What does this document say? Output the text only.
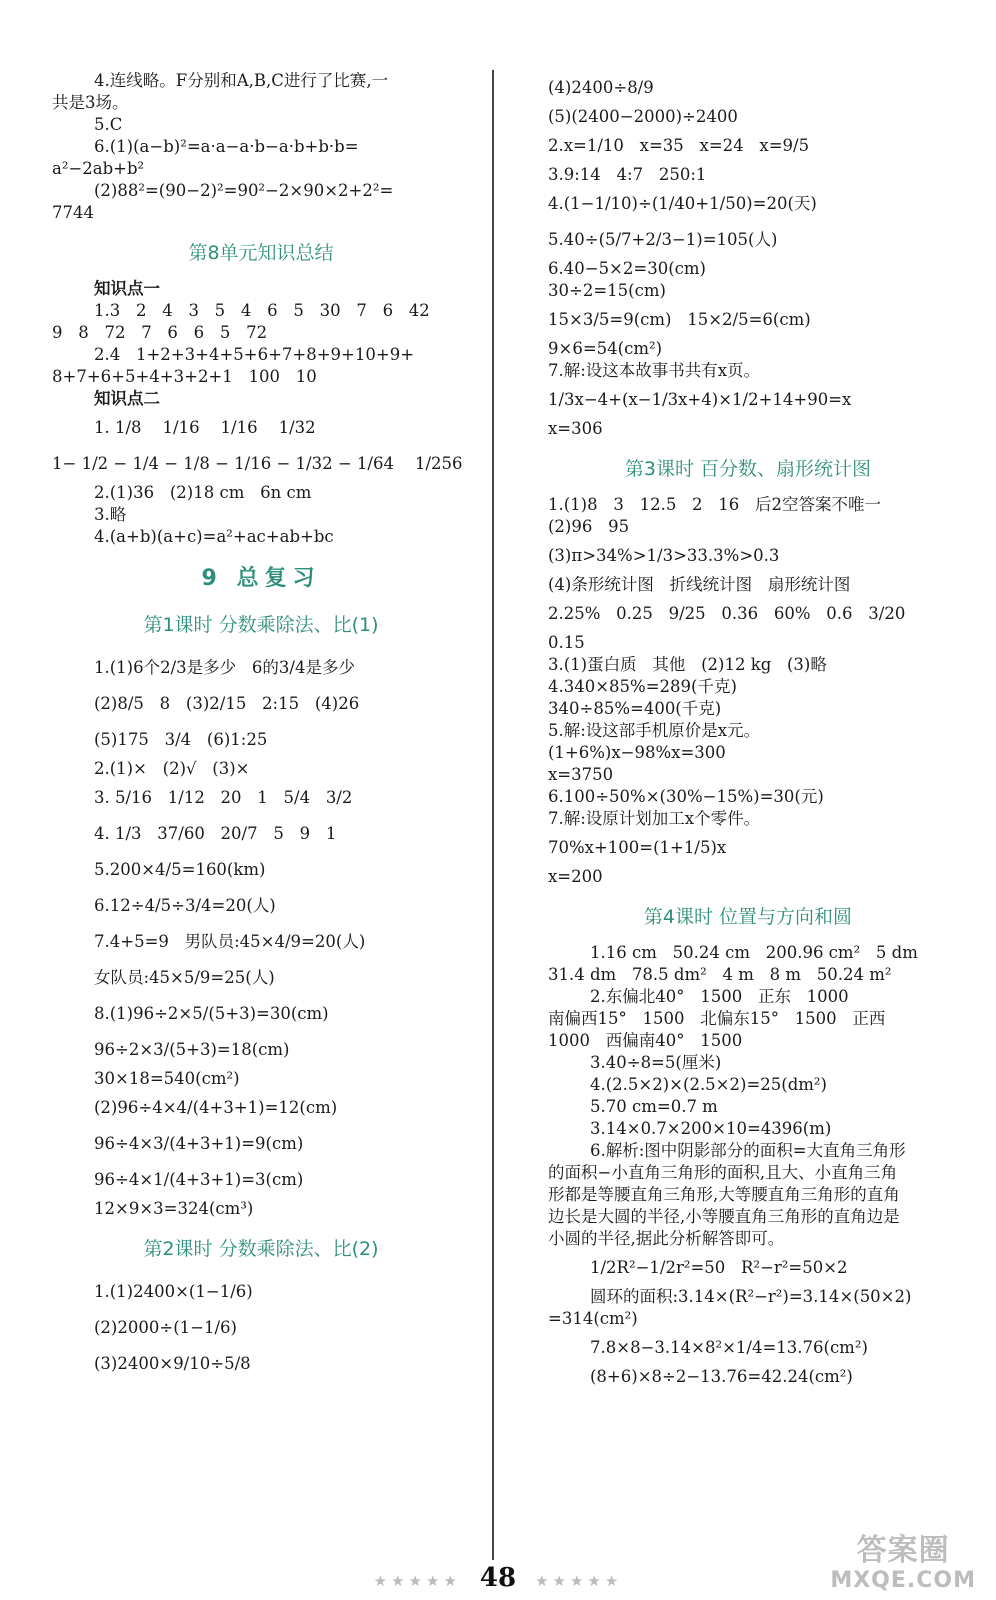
4.连线略。F分别和A,B,C进行了比赛,一
共是3场。
5.C
6.(1)(a−b)²=a·a−a·b−a·b+b·b=
a²−2ab+b²
(2)88²=(90−2)²=90²−2×90×2+2²=
7744
第8单元知识总结
知识点一
1.3   2   4   3   5   4   6   5   30   7   6   42
9   8   72   7   6   6   5   72
2.4   1+2+3+4+5+6+7+8+9+10+9+
8+7+6+5+4+3+2+1   100   10
知识点二
1. 1/8    1/16    1/16    1/32
1− 1/2 − 1/4 − 1/8 − 1/16 − 1/32 − 1/64    1/256
2.(1)36   (2)18 cm   6n cm
3.略
4.(a+b)(a+c)=a²+ac+ab+bc
9 总复习
第1课时 分数乘除法、比(1)
1.(1)6个2/3是多少   6的3/4是多少
(2)8/5   8   (3)2/15   2:15   (4)26
(5)175   3/4   (6)1:25
2.(1)×   (2)√   (3)×
3. 5/16   1/12   20   1   5/4   3/2
4. 1/3   37/60   20/7   5   9   1
5.200×4/5=160(km)
6.12÷4/5÷3/4=20(人)
7.4+5=9   男队员:45×4/9=20(人)
女队员:45×5/9=25(人)
8.(1)96÷2×5/(5+3)=30(cm)
96÷2×3/(5+3)=18(cm)
30×18=540(cm²)
(2)96÷4×4/(4+3+1)=12(cm)
96÷4×3/(4+3+1)=9(cm)
96÷4×1/(4+3+1)=3(cm)
12×9×3=324(cm³)
第2课时 分数乘除法、比(2)
1.(1)2400×(1−1/6)
(2)2000÷(1−1/6)
(3)2400×9/10÷5/8
(4)2400÷8/9
(5)(2400−2000)÷2400
2.x=1/10   x=35   x=24   x=9/5
3.9:14   4:7   250:1
4.(1−1/10)÷(1/40+1/50)=20(天)
5.40÷(5/7+2/3−1)=105(人)
6.40−5×2=30(cm)
30÷2=15(cm)
15×3/5=9(cm)   15×2/5=6(cm)
9×6=54(cm²)
7.解:设这本故事书共有x页。
1/3x−4+(x−1/3x+4)×1/2+14+90=x
x=306
第3课时 百分数、扇形统计图
1.(1)8   3   12.5   2   16   后2空答案不唯一
(2)96   95
(3)π>34%>1/3>33.3%>0.3
(4)条形统计图   折线统计图   扇形统计图
2.25%   0.25   9/25   0.36   60%   0.6   3/20
0.15
3.(1)蛋白质   其他   (2)12 kg   (3)略
4.340×85%=289(千克)
340÷85%=400(千克)
5.解:设这部手机原价是x元。
(1+6%)x−98%x=300
x=3750
6.100÷50%×(30%−15%)=30(元)
7.解:设原计划加工x个零件。
70%x+100=(1+1/5)x
x=200
第4课时 位置与方向和圆
1.16 cm   50.24 cm   200.96 cm²   5 dm
31.4 dm   78.5 dm²   4 m   8 m   50.24 m²
2.东偏北40°   1500   正东   1000
南偏西15°   1500   北偏东15°   1500   正西
1000   西偏南40°   1500
3.40÷8=5(厘米)
4.(2.5×2)×(2.5×2)=25(dm²)
5.70 cm=0.7 m
3.14×0.7×200×10=4396(m)
6.解析:图中阴影部分的面积=大直角三角形
的面积−小直角三角形的面积,且大、小直角三角
形都是等腰直角三角形,大等腰直角三角形的直角
边长是大圆的半径,小等腰直角三角形的直角边是
小圆的半径,据此分析解答即可。
1/2R²−1/2r²=50   R²−r²=50×2
圆环的面积:3.14×(R²−r²)=3.14×(50×2)
=314(cm²)
7.8×8−3.14×8²×1/4=13.76(cm²)
(8+6)×8÷2−13.76=42.24(cm²)
★★★★★ 48 ★★★★★
答案圈
MXQE.COM
